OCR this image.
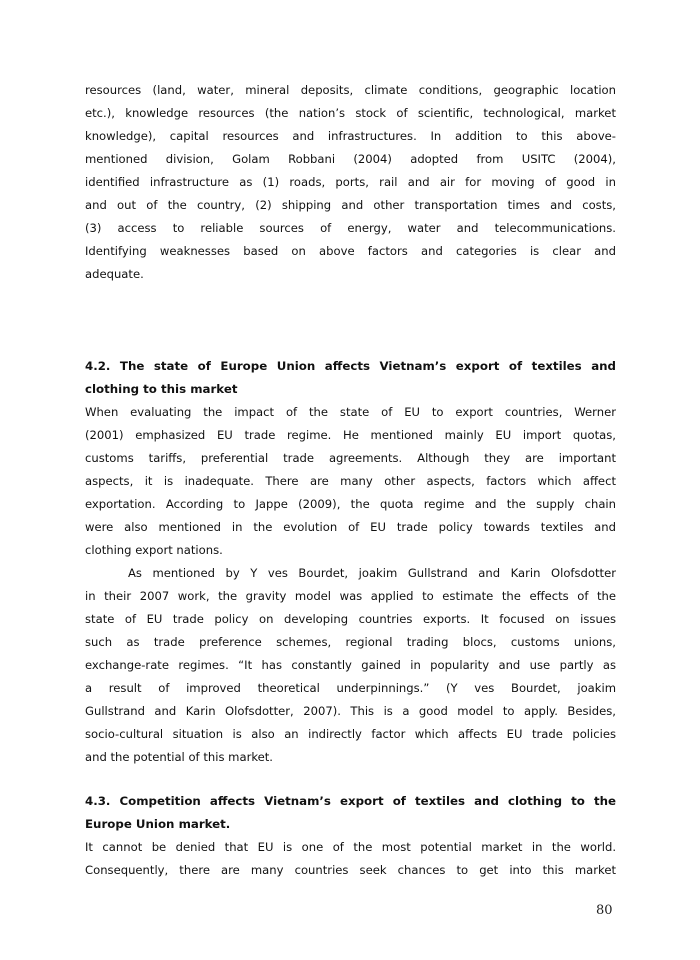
resources (land, water, mineral deposits, climate conditions, geographic location
etc.), knowledge resources (the nation’s stock of scientific, technological, market
knowledge), capital resources and infrastructures. In addition to this above-
mentioned division, Golam Robbani (2004) adopted from USITC (2004),
identified infrastructure as (1) roads, ports, rail and air for moving of good in
and out of the country, (2) shipping and other transportation times and costs,
(3) access to reliable sources of energy, water and telecommunications.
Identifying weaknesses based on above factors and categories is clear and
adequate.
4.2. The state of Europe Union affects Vietnam’s export of textiles and
clothing to this market
When evaluating the impact of the state of EU to export countries, Werner
(2001) emphasized EU trade regime. He mentioned mainly EU import quotas,
customs tariffs, preferential trade agreements. Although they are important
aspects, it is inadequate. There are many other aspects, factors which affect
exportation. According to Jappe (2009), the quota regime and the supply chain
were also mentioned in the evolution of EU trade policy towards textiles and
clothing export nations.
As mentioned by Y ves Bourdet, joakim Gullstrand and Karin Olofsdotter
in their 2007 work, the gravity model was applied to estimate the effects of the
state of EU trade policy on developing countries exports. It focused on issues
such as trade preference schemes, regional trading blocs, customs unions,
exchange-rate regimes. “It has constantly gained in popularity and use partly as
a result of improved theoretical underpinnings.” (Y ves Bourdet, joakim
Gullstrand and Karin Olofsdotter, 2007). This is a good model to apply. Besides,
socio-cultural situation is also an indirectly factor which affects EU trade policies
and the potential of this market.
4.3. Competition affects Vietnam’s export of textiles and clothing to the
Europe Union market.
It cannot be denied that EU is one of the most potential market in the world.
Consequently, there are many countries seek chances to get into this market
80
